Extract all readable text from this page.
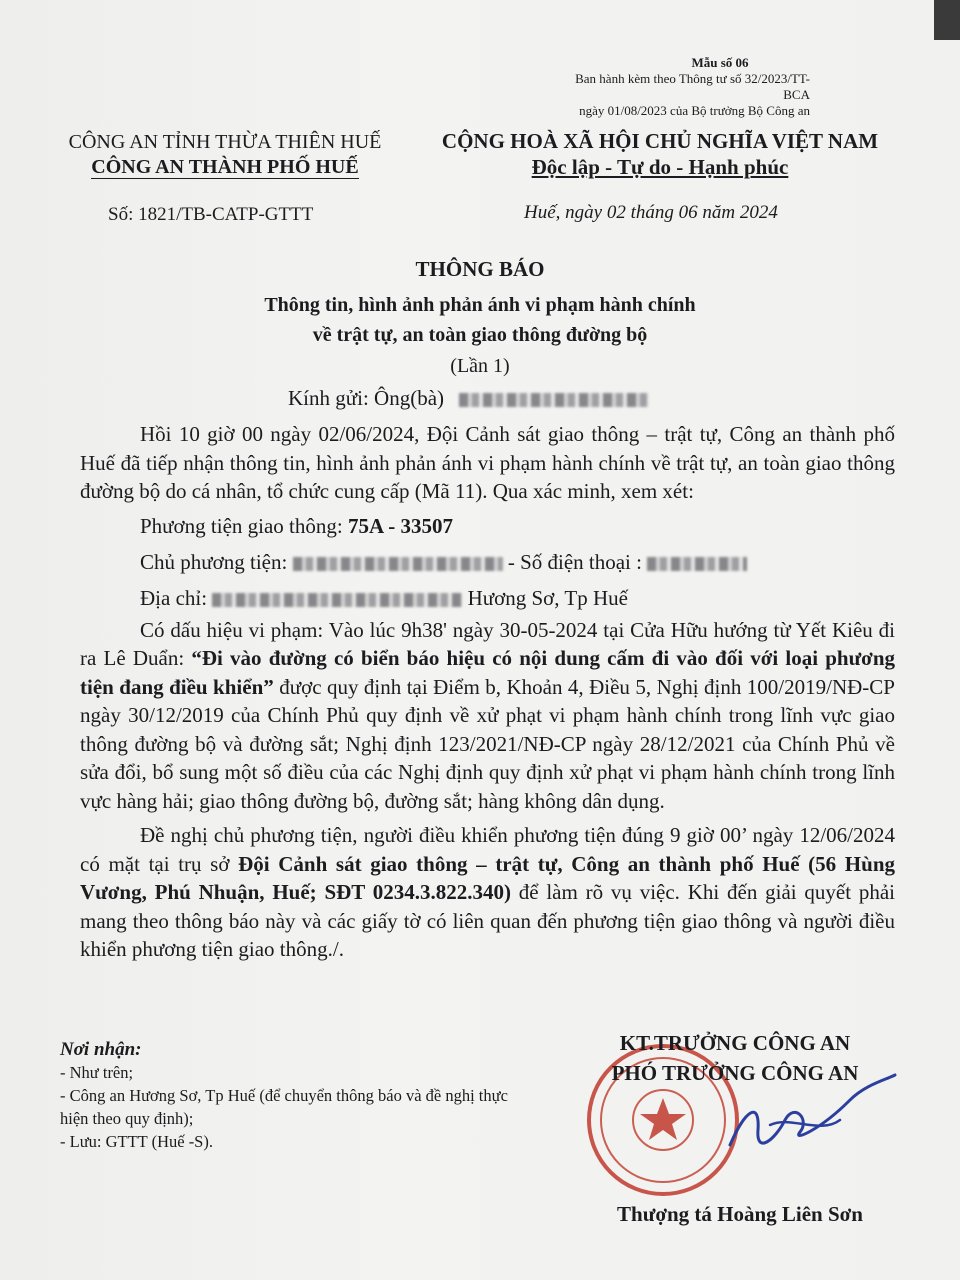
Mẫu số 06
Ban hành kèm theo Thông tư số 32/2023/TT-BCA
ngày 01/08/2023 của Bộ trưởng Bộ Công an
CÔNG AN TỈNH THỪA THIÊN HUẾ
CÔNG AN THÀNH PHỐ HUẾ
CỘNG HOÀ XÃ HỘI CHỦ NGHĨA VIỆT NAM
Độc lập - Tự do - Hạnh phúc
Số: 1821/TB-CATP-GTTT	Huế, ngày 02 tháng 06 năm 2024
THÔNG BÁO
Thông tin, hình ảnh phản ánh vi phạm hành chính
về trật tự, an toàn giao thông đường bộ
(Lần 1)
Kính gửi: Ông(bà)

Hồi 10 giờ 00 ngày 02/06/2024, Đội Cảnh sát giao thông – trật tự, Công an thành phố Huế đã tiếp nhận thông tin, hình ảnh phản ánh vi phạm hành chính về trật tự, an toàn giao thông đường bộ do cá nhân, tổ chức cung cấp (Mã 11). Qua xác minh, xem xét:

Phương tiện giao thông: 75A - 33507

Chủ phương tiện:	- Số điện thoại :

Địa chỉ:	Hương Sơ, Tp Huế

Có dấu hiệu vi phạm: Vào lúc 9h38' ngày 30-05-2024 tại Cửa Hữu hướng từ Yết Kiêu đi ra Lê Duẩn: “Đi vào đường có biển báo hiệu có nội dung cấm đi vào đối với loại phương tiện đang điều khiển” được quy định tại Điểm b, Khoản 4, Điều 5, Nghị định 100/2019/NĐ-CP ngày 30/12/2019 của Chính Phủ quy định về xử phạt vi phạm hành chính trong lĩnh vực giao thông đường bộ và đường sắt; Nghị định 123/2021/NĐ-CP ngày 28/12/2021 của Chính Phủ về sửa đổi, bổ sung một số điều của các Nghị định quy định xử phạt vi phạm hành chính trong lĩnh vực hàng hải; giao thông đường bộ, đường sắt; hàng không dân dụng.

Đề nghị chủ phương tiện, người điều khiển phương tiện đúng 9 giờ 00’ ngày 12/06/2024 có mặt tại trụ sở Đội Cảnh sát giao thông – trật tự, Công an thành phố Huế (56 Hùng Vương, Phú Nhuận, Huế; SĐT 0234.3.822.340) để làm rõ vụ việc. Khi đến giải quyết phải mang theo thông báo này và các giấy tờ có liên quan đến phương tiện giao thông và người điều khiển phương tiện giao thông./.

Nơi nhận:
- Như trên;
- Công an Hương Sơ, Tp Huế (để chuyển thông báo và đề nghị thực hiện theo quy định);
- Lưu: GTTT (Huế -S).
KT.TRƯỞNG CÔNG AN
PHÓ TRƯỞNG CÔNG AN
Thượng tá Hoàng Liên Sơn
